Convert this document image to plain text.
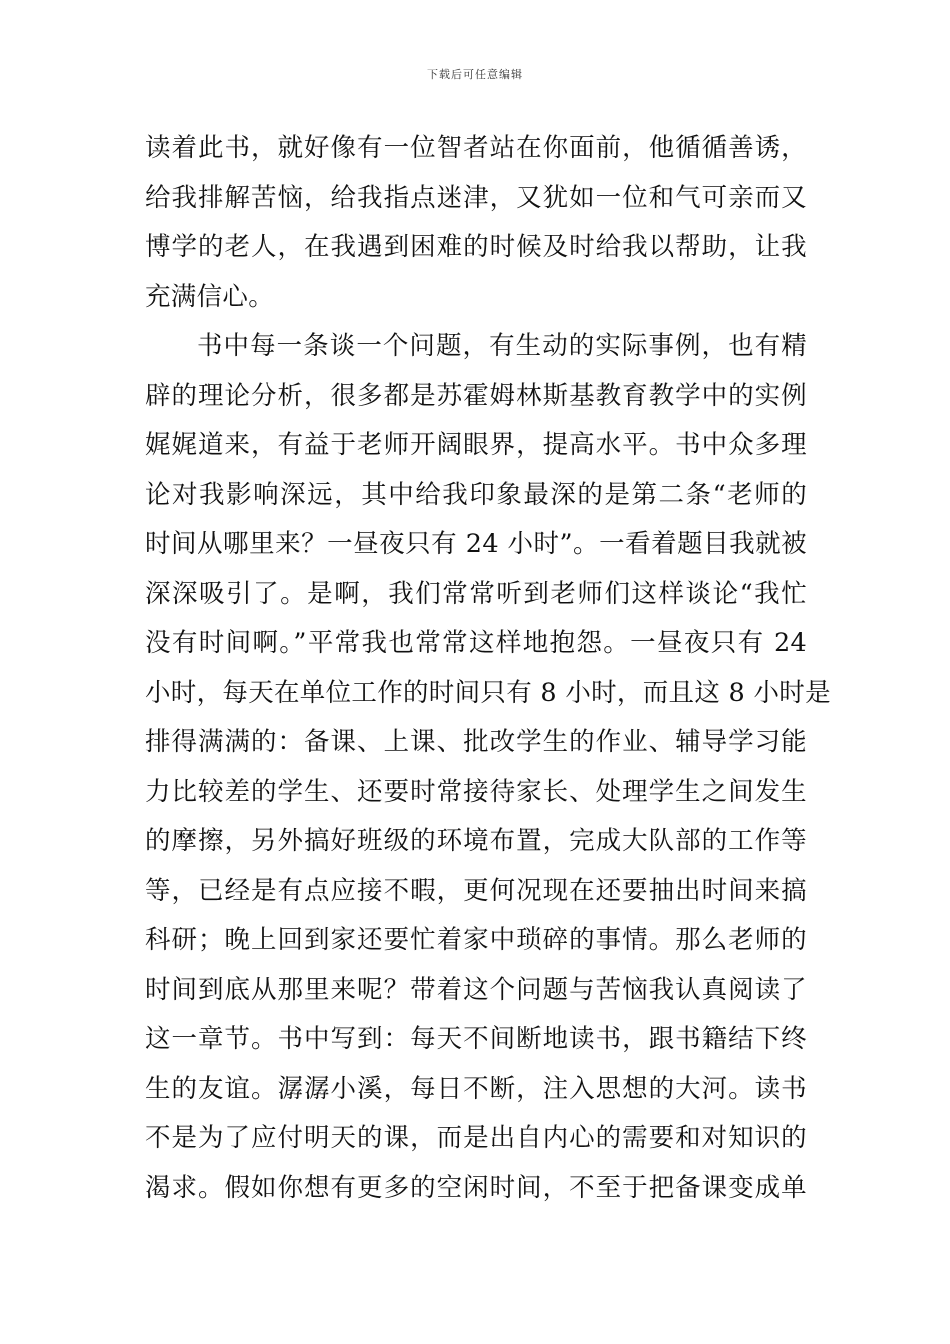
下载后可任意编辑
读着此书，就好像有一位智者站在你面前，他循循善诱，
给我排解苦恼，给我指点迷津，又犹如一位和气可亲而又
博学的老人，在我遇到困难的时候及时给我以帮助，让我
充满信心。
书中每一条谈一个问题，有生动的实际事例，也有精
辟的理论分析，很多都是苏霍姆林斯基教育教学中的实例
娓娓道来，有益于老师开阔眼界，提高水平。书中众多理
论对我影响深远，其中给我印象最深的是第二条“老师的
时间从哪里来？一昼夜只有 24 小时”。一看着题目我就被
深深吸引了。是啊，我们常常听到老师们这样谈论“我忙
没有时间啊。”平常我也常常这样地抱怨。一昼夜只有 24
小时，每天在单位工作的时间只有 8 小时，而且这 8 小时是
排得满满的：备课、上课、批改学生的作业、辅导学习能
力比较差的学生、还要时常接待家长、处理学生之间发生
的摩擦，另外搞好班级的环境布置，完成大队部的工作等
等，已经是有点应接不暇，更何况现在还要抽出时间来搞
科研；晚上回到家还要忙着家中琐碎的事情。那么老师的
时间到底从那里来呢？带着这个问题与苦恼我认真阅读了
这一章节。书中写到：每天不间断地读书，跟书籍结下终
生的友谊。潺潺小溪，每日不断，注入思想的大河。读书
不是为了应付明天的课，而是出自内心的需要和对知识的
渴求。假如你想有更多的空闲时间，不至于把备课变成单
